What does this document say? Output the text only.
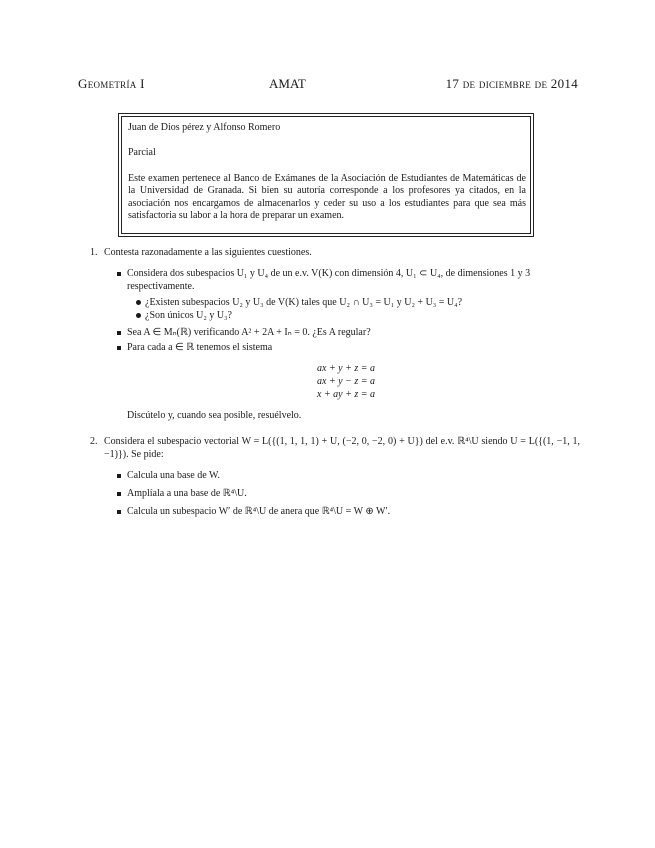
Geometría I	AMAT	17 de diciembre de 2014

Juan de Dios pérez y Alfonso Romero

Parcial

Este examen pertenece al Banco de Exámanes de la Asociación de Estudiantes de Matemáticas de la Universidad de Granada. Si bien su autoría corresponde a los profesores ya citados, en la asociación nos encargamos de almacenarlos y ceder su uso a los estudiantes para que sea más satisfactoria su labor a la hora de preparar un examen.

1. Contesta razonadamente a las siguientes cuestiones.
Considera dos subespacios U₁ y U₄ de un e.v. V(K) con dimensión 4, U₁ ⊂ U₄, de dimensiones 1 y 3 respectivamente.
¿Existen subespacios U₂ y U₃ de V(K) tales que U₂ ∩ U₃ = U₁ y U₂ + U₃ = U₄?
¿Son únicos U₂ y U₃?
Sea A ∈ Mₙ(ℝ) verificando A² + 2A + Iₙ = 0. ¿Es A regular?
Para cada a ∈ ℝ tenemos el sistema
ax + y + z = a
ax + y − z = a
x + ay + z = a
Discútelo y, cuando sea posible, resuélvelo.
2. Considera el subespacio vectorial W = L({(1, 1, 1, 1) + U, (−2, 0, −2, 0) + U}) del e.v. ℝ⁴\U siendo U = L({(1, −1, 1, −1)}). Se pide:
Calcula una base de W.
Amplíala a una base de ℝ⁴\U.
Calcula un subespacio W′ de ℝ⁴\U de anera que ℝ⁴\U = W ⊕ W′.
